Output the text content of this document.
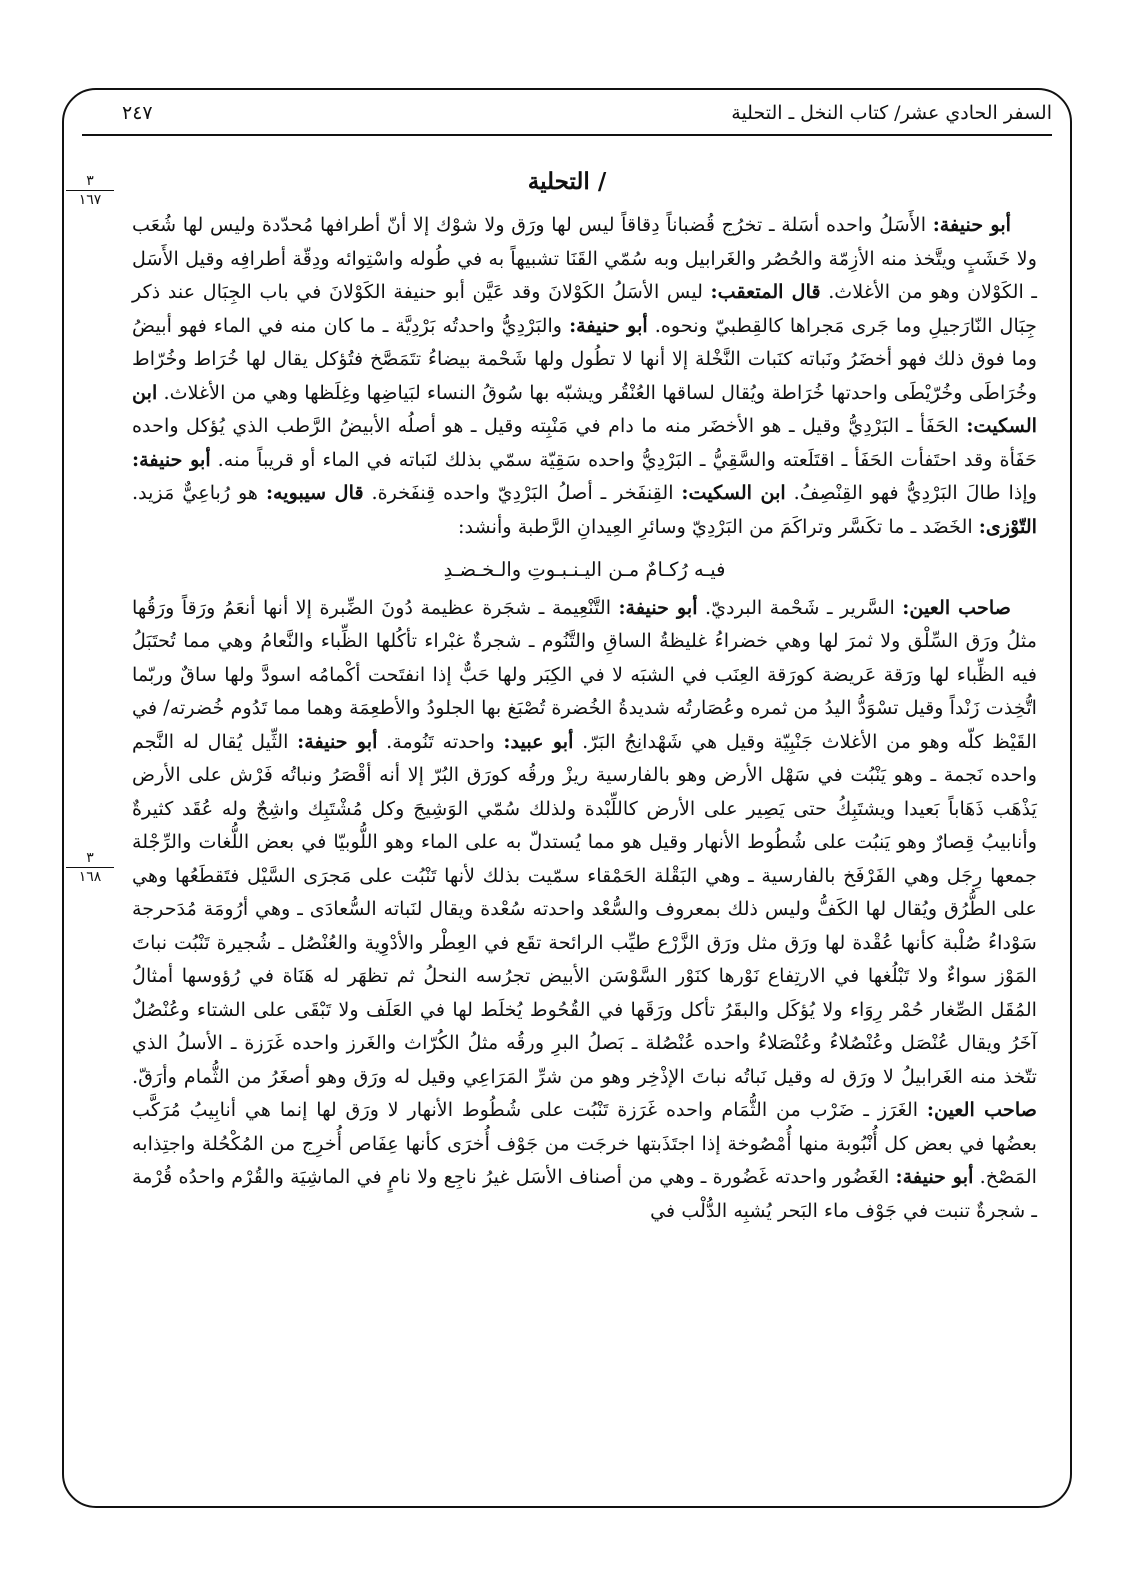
السفر الحادي عشر/ كتاب النخل ـ التحلية
٢٤٧
٣
١٦٧
٣
١٦٨
/ التحلية

أبو حنيفة: الأَسَلُ واحده أسَلة ـ تخرُج قُضباناً دِقاقاً ليس لها ورَق ولا شوْك إلا أنّ أطرافها مُحدّدة وليس لها شُعَب ولا خَشَبٍ ويتَّخذ منه الأزِمّة والحُصُر والغَرابيل وبه سُمّي القَنَا تشبيهاً به في طُوله واسْتِوائه ودِقّة أطرافِه وقيل الأَسَل ـ الكَوْلان وهو من الأغلاث. قال المتعقب: ليس الأسَلُ الكَوْلانَ وقد عَيَّن أبو حنيفة الكَوْلانَ في باب الجِبَال عند ذكر جِبَال النّارَجيلِ وما جَرى مَجراها كالقِطبيّ ونحوه. أبو حنيفة: والبَرْدِيُّ واحدتُه بَرْدِيَّة ـ ما كان منه في الماء فهو أبيضُ وما فوق ذلك فهو أخضَرُ ونَباته كنَبات النَّخْلة إلا أنها لا تطُول ولها شَحْمة بيضاءُ تتَمَصَّخ فتُؤكل يقال لها خُرَاط وخُرّاط وخُرَاطَى وخُرّيْطَى واحدتها خُرَاطة ويُقال لساقها العُنْقُر ويشبّه بها سُوقُ النساء لبَياضِها وغِلَظها وهي من الأغلاث. ابن السكيت: الحَفَأ ـ البَرْدِيُّ وقيل ـ هو الأخضَر منه ما دام في مَنْبِته وقيل ـ هو أصلُه الأبيضُ الرَّطب الذي يُؤكل واحده حَفَأة وقد احتَفأت الحَفَأ ـ اقتَلَعته والسَّقِيُّ ـ البَرْدِيُّ واحده سَقِيّة سمّي بذلك لنَباته في الماء أو قريباً منه. أبو حنيفة: وإذا طالَ البَرْدِيُّ فهو القِنْصِفُ. ابن السكيت: القِنفَخر ـ أصلُ البَرْدِيّ واحده قِنفَخرة. قال سيبويه: هو رُباعِيٌّ مَزيد. التّوْزى: الخَضَد ـ ما تكَسَّر وتراكَمَ من البَرْدِيّ وسائرِ العِيدانِ الرَّطبة وأنشد:

فيـه رُكـامٌ مـن اليـنـبـوتِ والـخـضـدِ

صاحب العين: السَّرير ـ شَحْمة البرديّ. أبو حنيفة: التَّنْعِيمة ـ شجَرة عظيمة دُونَ الضِّبرة إلا أنها أنعَمُ ورَقاً ورَقُها مثلُ ورَق السِّلْق ولا ثمرَ لها وهي خضراءُ غليظةُ الساقِ والتَّنُوم ـ شجرةٌ غبْراء تأكُلها الظِّباء والنَّعامُ وهي مما تُحتَبَلُ فيه الظِّباء لها ورَقة عَريضة كورَقة العِنَب في الشبَه لا في الكِبَر ولها حَبٌّ إذا انفتَحت أكْمامُه اسودَّ ولها ساقٌ وربّما اتُّخِذت زَنْداً وقيل تسْوَدُّ اليدُ من ثمره وعُصَارتُه شديدةُ الخُضرة تُصْبَغ بها الجلودُ والأطعِمَة وهما مما تَدُوم خُضرته/ في القَيْظ كلّه وهو من الأغلاث جَنْبِيّة وقيل هي شَهْدانِجُ البَرّ. أبو عبيد: واحدته تَنُومة. أبو حنيفة: الثِّيل يُقال له النَّجم واحده نَجمة ـ وهو يَنْبُت في سَهْل الأرض وهو بالفارسية ريزْ ورقُه كورَق البُرّ إلا أنه أقْصَرُ ونباتُه فَرْش على الأرض يَذْهَب ذَهَاباً بَعيدا ويشتَبِكُ حتى يَصِير على الأرض كاللِّبْدة ولذلك سُمّي الوَشِيجَ وكل مُشْتَبِك واشِجٌ وله عُقَد كثيرةٌ وأنابيبُ قِصارٌ وهو يَنبُت على شُطُوط الأنهار وقيل هو مما يُستدلّ به على الماء وهو اللُّوبيّا في بعض اللُّغات والرِّجْلة جمعها رِجَل وهي الفَرْفَخ بالفارسية ـ وهي البَقْلة الحَمْقاء سمّيت بذلك لأنها تَنْبُت على مَجرَى السَّيْل فتَقطَعُها وهي على الطُّرُق ويُقال لها الكَفُّ وليس ذلك بمعروف والسُّعْد واحدته سُعْدة ويقال لنَباته السُّعادَى ـ وهي أرُومَة مُدَحرجة سَوْداءُ صُلْبة كأنها عُقْدة لها ورَق مثل ورَق الزَّرْع طيِّب الرائحة تقَع في العِطْر والأدْوِية والعُنْصُل ـ شُجيرة تَنْبُت نباتَ المَوْز سواءٌ ولا تَبْلُغها في الارتِفاع نَوْرها كنَوْر السَّوْسَن الأبيض تجرُسه النحلُ ثم تظهَر له هَنَاة في رُؤوسها أمثالُ المُقَل الصِّغار حُمْر رِوَاء ولا يُؤكَل والبقَرُ تأكل ورَقَها في القُحُوط يُخلَط لها في العَلَف ولا تَبْقَى على الشتاء وعُنْصُلٌ آخَرُ ويقال عُنْصَل وعُنْصُلاءُ وعُنْصَلاءُ واحده عُنْصُلة ـ بَصلُ البرِ ورقُه مثلُ الكُرّاث والغَرز واحده غَرَزة ـ الأسلُ الذي تتّخذ منه الغَرابيلُ لا ورَق له وقيل نَباتُه نباتَ الإذْخِر وهو من شرِّ المَرَاعِي وقيل له ورَق وهو أصغَرُ من الثُّمام وأرَقّ. صاحب العين: الغَرَز ـ ضَرْب من الثُّمَام واحده غَرَزة تَنْبُت على شُطُوط الأنهار لا ورَق لها إنما هي أنابِيبُ مُرَكَّب بعضُها في بعض كل أُنْبُوبة منها أُمْصُوخة إذا اجتَذَبتها خرجَت من جَوْف أُخرَى كأنها عِفَاص أُخرِج من المُكْحُلة واجتِذابه المَصْخ. أبو حنيفة: الغَضُور واحدته غَضُورة ـ وهي من أصناف الأسَل غيرُ ناجِع ولا نامٍ في الماشِيَة والقُرْم واحدُه قُرْمة ـ شجرةٌ تنبت في جَوْف ماء البَحر يُشبِه الدُّلْب في
